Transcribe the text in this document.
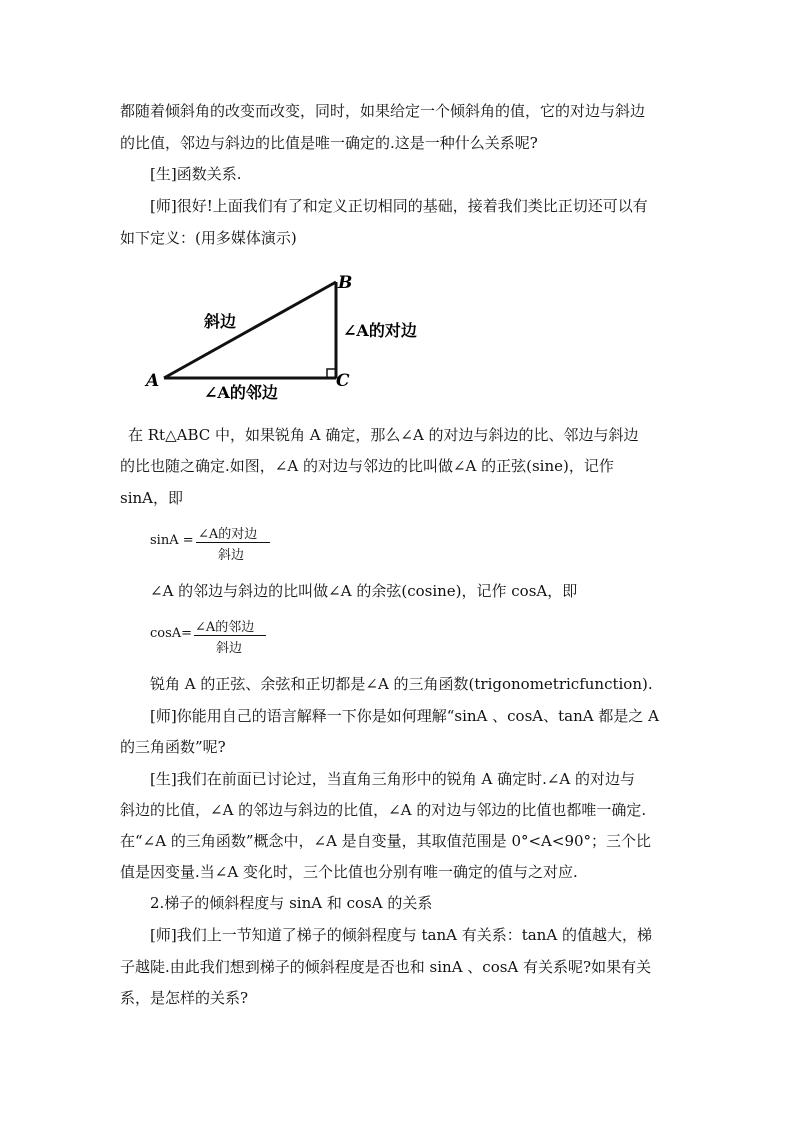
都随着倾斜角的改变而改变，同时，如果给定一个倾斜角的值，它的对边与斜边
的比值，邻边与斜边的比值是唯一确定的.这是一种什么关系呢?
[生]函数关系.
[师]很好!上面我们有了和定义正切相同的基础，接着我们类比正切还可以有
如下定义：(用多媒体演示)
A
B
C
斜边	∠A的对边
∠A的邻边
在 Rt△ABC 中，如果锐角 A 确定，那么∠A 的对边与斜边的比、邻边与斜边
的比也随之确定.如图，∠A 的对边与邻边的比叫做∠A 的正弦(sine)，记作
sinA，即
sinA = ∠A的对边
斜边
∠A 的邻边与斜边的比叫做∠A 的余弦(cosine)，记作 cosA，即
cosA= ∠A的邻边
斜边
锐角 A 的正弦、余弦和正切都是∠A 的三角函数(trigonometricfunction).
[师]你能用自己的语言解释一下你是如何理解“sinA 、cosA、tanA 都是之 A
的三角函数”呢?
[生]我们在前面已讨论过，当直角三角形中的锐角 A 确定时.∠A 的对边与
斜边的比值，∠A 的邻边与斜边的比值，∠A 的对边与邻边的比值也都唯一确定.
在“∠A 的三角函数”概念中，∠A 是自变量，其取值范围是 0°<A<90°；三个比
值是因变量.当∠A 变化时，三个比值也分别有唯一确定的值与之对应.
2.梯子的倾斜程度与 sinA 和 cosA 的关系
[师]我们上一节知道了梯子的倾斜程度与 tanA 有关系：tanA 的值越大，梯
子越陡.由此我们想到梯子的倾斜程度是否也和 sinA 、cosA 有关系呢?如果有关
系，是怎样的关系?
